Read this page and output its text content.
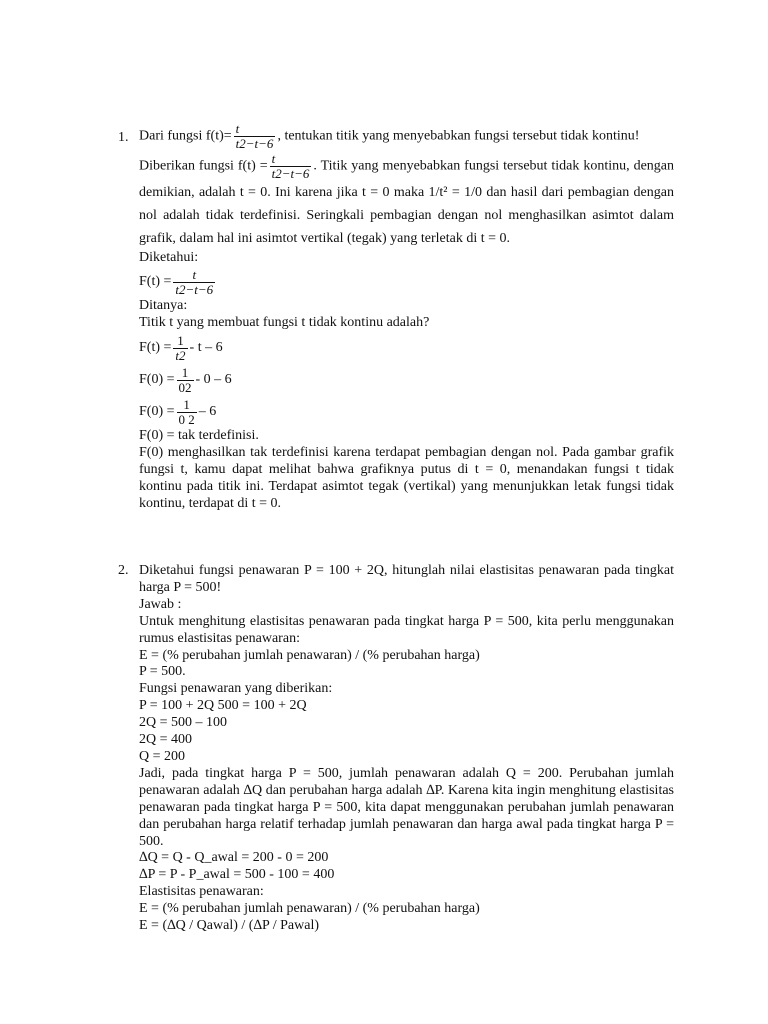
1. Dari fungsi $f(t)= \frac{t}{t2-t-6}$ , tentukan titik yang menyebabkan fungsi tersebut tidak kontinu!
Diberikan fungsi $f(t) = \frac{t}{t2-t-6}$ . Titik yang menyebabkan fungsi tersebut tidak kontinu, dengan demikian, adalah t = 0. Ini karena jika t = 0 maka 1/t² = 1/0 dan hasil dari pembagian dengan nol adalah tidak terdefinisi. Seringkali pembagian dengan nol menghasilkan asimtot dalam grafik, dalam hal ini asimtot vertikal (tegak) yang terletak di t = 0.
Diketahui:
$F(t) = \frac{t}{t2-t-6}$
Ditanya:
Titik t yang membuat fungsi t tidak kontinu adalah?
$F(t) = \frac{1}{t2} - t - 6$
$F(0) = \frac{1}{02} - 0 - 6$
$F(0) = \frac{1}{0 2} - 6$
F(0) = tak terdefinisi.
F(0) menghasilkan tak terdefinisi karena terdapat pembagian dengan nol. Pada gambar grafik fungsi t, kamu dapat melihat bahwa grafiknya putus di t = 0, menandakan fungsi t tidak kontinu pada titik ini. Terdapat asimtot tegak (vertikal) yang menunjukkan letak fungsi tidak kontinu, terdapat di t = 0.
2. Diketahui fungsi penawaran P = 100 + 2Q, hitunglah nilai elastisitas penawaran pada tingkat harga P = 500!
Jawab :
Untuk menghitung elastisitas penawaran pada tingkat harga P = 500, kita perlu menggunakan rumus elastisitas penawaran:
E = (% perubahan jumlah penawaran) / (% perubahan harga)
P = 500.
Fungsi penawaran yang diberikan:
P = 100 + 2Q 500 = 100 + 2Q
2Q = 500 – 100
2Q = 400
Q = 200
Jadi, pada tingkat harga P = 500, jumlah penawaran adalah Q = 200. Perubahan jumlah penawaran adalah ∆Q dan perubahan harga adalah ∆P. Karena kita ingin menghitung elastisitas penawaran pada tingkat harga P = 500, kita dapat menggunakan perubahan jumlah penawaran dan perubahan harga relatif terhadap jumlah penawaran dan harga awal pada tingkat harga P = 500.
∆Q = Q - Q_awal = 200 - 0 = 200
∆P = P - P_awal = 500 - 100 = 400
Elastisitas penawaran:
E = (% perubahan jumlah penawaran) / (% perubahan harga)
E = (∆Q / Qawal) / (∆P / Pawal)
